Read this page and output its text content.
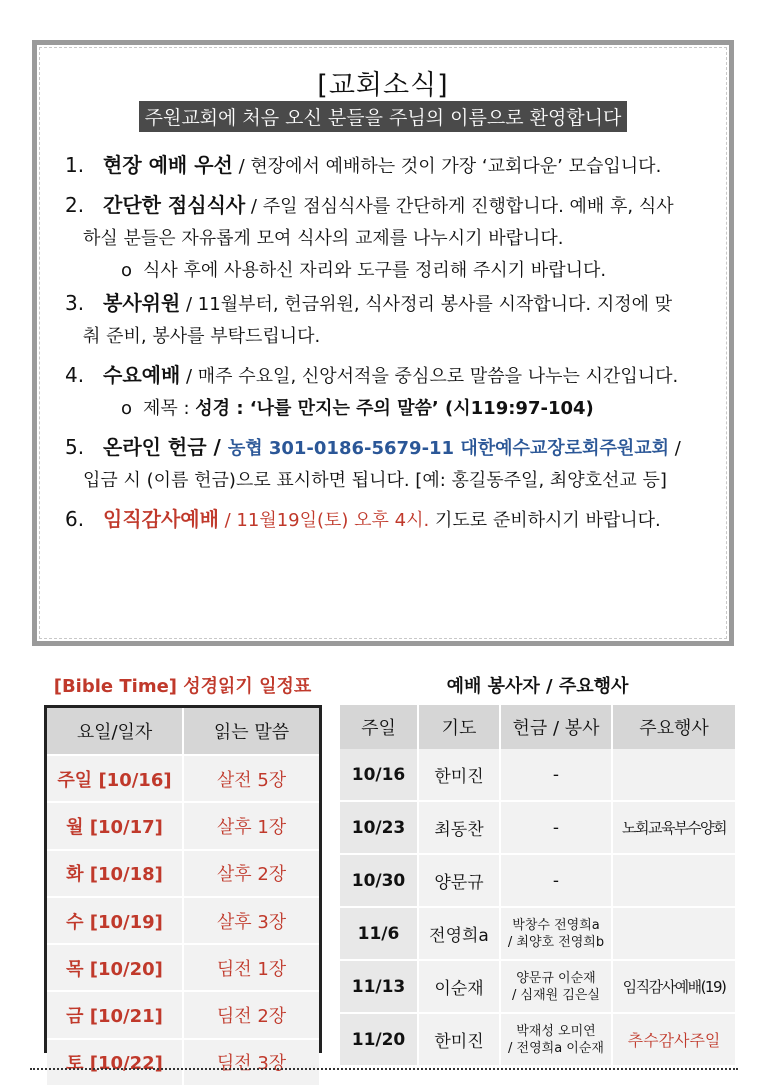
[교회소식]
주원교회에 처음 오신 분들을 주님의 이름으로 환영합니다
1. 현장 예배 우선 / 현장에서 예배하는 것이 가장 ‘교회다운’ 모습입니다.
2. 간단한 점심식사 / 주일 점심식사를 간단하게 진행합니다. 예배 후, 식사
하실 분들은 자유롭게 모여 식사의 교제를 나누시기 바랍니다.
o 식사 후에 사용하신 자리와 도구를 정리해 주시기 바랍니다.
3. 봉사위원 / 11월부터, 헌금위원, 식사정리 봉사를 시작합니다. 지정에 맞
춰 준비, 봉사를 부탁드립니다.
4. 수요예배 / 매주 수요일, 신앙서적을 중심으로 말씀을 나누는 시간입니다.
o 제목 : 성경 : ‘나를 만지는 주의 말씀’ (시119:97-104)
5. 온라인 헌금 / 농협 301-0186-5679-11 대한예수교장로회주원교회 /
입금 시 (이름 헌금)으로 표시하면 됩니다. [예: 홍길동주일, 최양호선교 등]
6. 임직감사예배 / 11월19일(토) 오후 4시. 기도로 준비하시기 바랍니다.
[Bible Time] 성경읽기 일정표
요일/일자	읽는 말씀
주일 [10/16]	살전 5장
월 [10/17]	살후 1장
화 [10/18]	살후 2장
수 [10/19]	살후 3장
목 [10/20]	딤전 1장
금 [10/21]	딤전 2장
토 [10/22]	딤전 3장
예배 봉사자 / 주요행사
주일	기도	헌금 / 봉사	주요행사
10/16	한미진	-	
10/23	최동찬	-	노회교육부수양회
10/30	양문규	-	
11/6	전영희a	박창수 전영희a
/ 최양호 전영희b	
11/13	이순재	양문규 이순재
/ 심재원 김은실	임직감사예배(19)
11/20	한미진	박재성 오미연
/ 전영희a 이순재	추수감사주일
